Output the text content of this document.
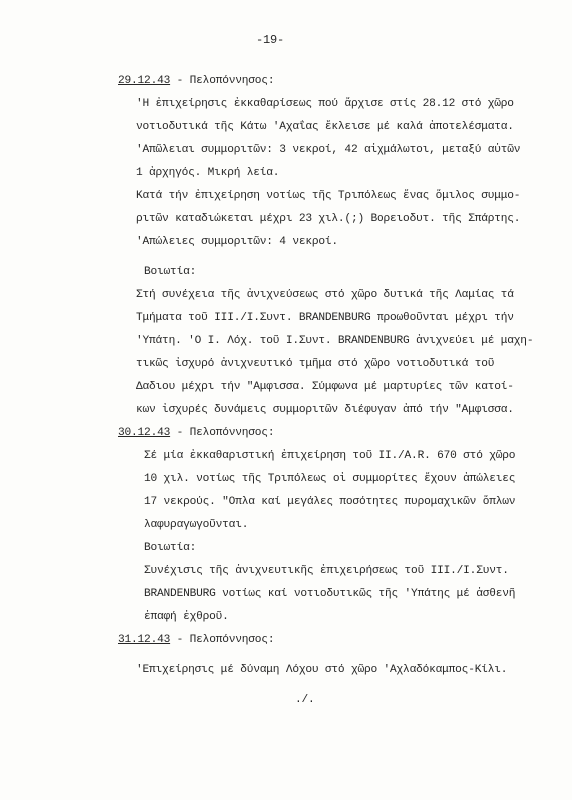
-19-
29.12.43 - Πελοπόννησος:
'Η ἐπιχείρησις ἐκκαθαρίσεως πού ἄρχισε στίς 28.12 στό χῶρο
νοτιοδυτικά τῆς Κάτω 'Αχαΐας ἔκλεισε μέ καλά ἀποτελέσματα.
'Απῶλειαι συμμοριτῶν: 3 νεκροί, 42 αἰχμάλωτοι, μεταξύ αὐτῶν
1 ἀρχηγός. Μικρή λεία.
Κατά τήν ἐπιχείρηση νοτίως τῆς Τριπόλεως ἕνας ὅμιλος συμμο-
ριτῶν καταδιώκεται μέχρι 23 χιλ.(;) Βορειοδυτ. τῆς Σπάρτης.
'Απώλειες συμμοριτῶν: 4 νεκροί.
Βοιωτία:
Στή συνέχεια τῆς ἀνιχνεύσεως στό χῶρο δυτικά τῆς Λαμίας τά
Τμήματα τοῦ III./I.Συντ. BRANDENBURG προωθοῦνται μέχρι τήν
'Υπάτη. 'Ο Ι. Λόχ. τοῦ Ι.Συντ. BRANDENBURG ἀνιχνεύει μέ μαχη-
τικῶς ἰσχυρό ἀνιχνευτικό τμῆμα στό χῶρο νοτιοδυτικά τοῦ
Δαδιου μέχρι τήν "Αμφισσα. Σύμφωνα μέ μαρτυρίες τῶν κατοί-
κων ἰσχυρές δυνάμεις συμμοριτῶν διέφυγαν ἀπό τήν "Αμφισσα.
30.12.43 - Πελοπόννησος:
Σέ μία ἐκκαθαριστική ἐπιχείρηση τοῦ II./A.R. 670 στό χῶρο
10 χιλ. νοτίως τῆς Τριπόλεως οἱ συμμορίτες ἔχουν ἀπώλειες
17 νεκρούς. "Οπλα καί μεγάλες ποσότητες πυρομαχικῶν ὅπλων
λαφυραγωγοῦνται.
Βοιωτία:
Συνέχισις τῆς ἀνιχνευτικῆς ἐπιχειρήσεως τοῦ III./I.Συντ.
BRANDENBURG νοτίως καί νοτιοδυτικῶς τῆς 'Υπάτης μέ ἀσθενῆ
ἐπαφή ἐχθροῦ.
31.12.43 - Πελοπόννησος:
'Επιχείρησις μέ δύναμη Λόχου στό χῶρο 'Αχλαδόκαμπος-Κίλι.
./.
